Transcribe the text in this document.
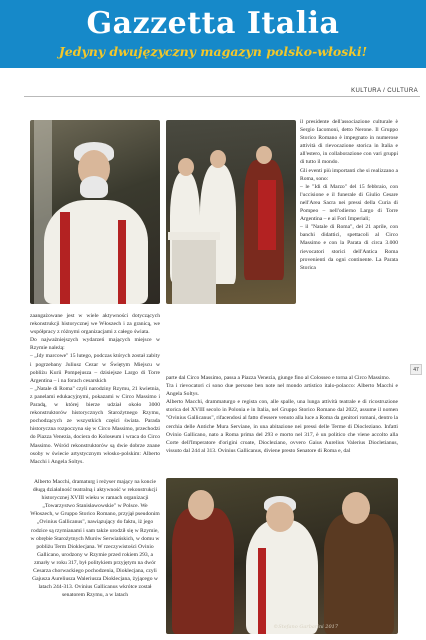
Gazzetta Italia
Jedyny dwujęzyczny magazyn polsko-włoski!
KULTURA / CULTURA
©Stefano Garbarini 2017
il presidente dell'associazione culturale è Sergio Iacomoni, detto Nerone. Il Gruppo Storico Romano è impegnato in numerose attività di rievocazione storica in Italia e all'estero, in collaborazione con vari gruppi di tutto il mondo.
Gli eventi più importanti che si realizzano a Roma, sono:
– le "Idi di Marzo" del 15 febbraio, con l'uccisione e il funerale di Giulio Cesare nell'Area Sacra nei pressi della Curia di Pompeo – nell'odierno Largo di Torre Argentina – e ai Fori Imperiali;
– il "Natale di Roma", del 21 aprile, con banchi didattici, spettacoli al Circo Massimo e con la Parata di circa 3.000 rievocatori storici dell'Antica Roma provenienti da ogni continente. La Parata Storica
parte dal Circo Massimo, passa a Piazza Venezia, giunge fino al Colosseo e torna al Circo Massimo.
Tra i rievocatori ci sono due persone ben note nel mondo artistico italo-polacco: Alberto Macchi e Angela Soltys.
Alberto Macchi, drammaturgo e regista con, alle spalle, una lunga attività teatrale e di ricostruzione storica del XVIII secolo in Polonia e in Italia, nel Gruppo Storico Romano dal 2022, assume il nomen "Ovinius Gallicanus", rifacendosi al fatto d'essere venuto alla luce a Roma da genitori romani, dentro la cerchia delle Antiche Mura Serviane, in una abitazione nei pressi delle Terme di Diocleziano. Infatti Ovinio Gallicano, nato a Roma prima del 293 e morto nel 317, è un politico che viene accolto alla Corte dell'Imperatore d'origini croate, Diocleziano, ovvero Gaius Aurelius Valerius Diocletianus, vissuto dal 244 al 313. Ovinius Gallicanus, diviene presto Senatore di Roma e, dal
zaangażowane jest w wiele aktywności dotyczących rekonstrukcji historycznej we Włoszech i za granicą, we współpracy z różnymi organizacjami z całego świata.
Do najważniejszych wydarzeń mających miejsce w Rzymie należą:
– „Idy marcowe" 15 lutego, podczas których został zabity i pogrzebany Juliusz Cezar w Świętym Miejscu w pobliżu Kurii Pompejusza – dzisiejsze Largo di Torre Argentina – i na forach cesarskich
– „Natale di Roma" czyli narodziny Rzymu, 21 kwietnia, z panelami edukacyjnymi, pokazami w Circo Massimo i Paradą, w której bierze udział około 3000 rekonstruktorów historycznych Starożytnego Rzymu, pochodzących ze wszystkich części świata. Parada historyczna rozpoczyna się w Circo Massimo, przechodzi do Piazza Venezia, dociera do Koloseum i wraca do Circo Massimo. Wśród rekonstruktorów są dwie dobrze znane osoby w świecie artystycznym włosko-polskim: Alberto Macchi i Angela Soltys.
Alberto Macchi, dramaturg i reżyser mający na koncie długą działalność teatralną i aktywność w rekonstrukcji historycznej XVIII wieku w ramach organizacji „Towarzystwo Stanisławowskie" w Polsce. We Włoszech, w Gruppo Storico Romano, przyjął pseudonim „Ovinius Gallicanus", nawiązujący do faktu, iż jego rodzice są rzymianami i sam także urodził się w Rzymie, w obrębie Starożytnych Murów Serwiańskich, w domu w pobliżu Term Dioklecjana. W rzeczywistości Ovinio Gallicano, urodzony w Rzymie przed rokiem 293, a zmarły w roku 317, był politykiem przyjętym na dwór Cesarza chorwackiego pochodzenia, Dioklecjana, czyli Gajusza Aureliusza Waleriusza Dioklecjana, żyjącego w latach 244-313. Ovinius Gallicanus wkrótce został senatorem Rzymu, a w latach
47
